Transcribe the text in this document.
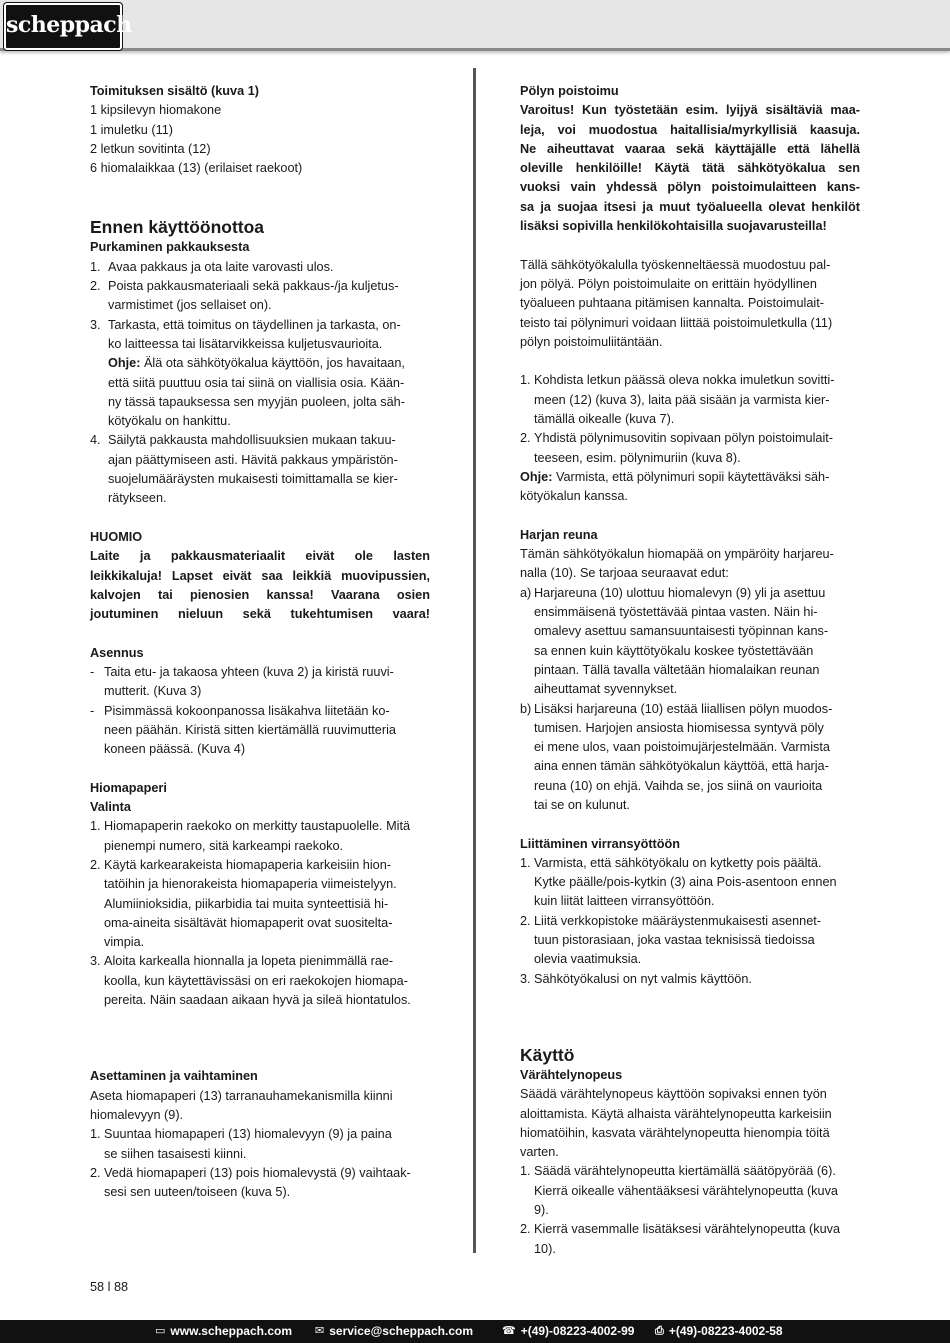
scheppach

Toimituksen sisältö (kuva 1)

1 kipsilevyn hiomakone

1 imuletku (11)

2 letkun sovitinta (12)

6 hiomalaikkaa (13) (erilaiset raekoot)

Ennen käyttöönottoa

Purkaminen pakkauksesta

1. Avaa pakkaus ja ota laite varovasti ulos.
2. Poista pakkausmateriaali sekä pakkaus-/ja kuljetus-
varmistimet (jos sellaiset on).
3. Tarkasta, että toimitus on täydellinen ja tarkasta, on-
ko laitteessa tai lisätarvikkeissa kuljetusvaurioita.
Ohje: Älä ota sähkötyökalua käyttöön, jos havaitaan,
että siitä puuttuu osia tai siinä on viallisia osia. Kään-
ny tässä tapauksessa sen myyjän puoleen, jolta säh-
kötyökalu on hankittu.
4. Säilytä pakkausta mahdollisuuksien mukaan takuu-
ajan päättymiseen asti. Hävitä pakkaus ympäristön-
suojelumääräysten mukaisesti toimittamalla se kier-
rätykseen.

HUOMIO

Laite ja pakkausmateriaalit eivät ole lasten
leikkikaluja! Lapset eivät saa leikkiä muovipussien,
kalvojen tai pienosien kanssa! Vaarana osien
joutuminen nieluun sekä tukehtumisen vaara!

Asennus

- Taita etu- ja takaosa yhteen (kuva 2) ja kiristä ruuvi-
mutterit. (Kuva 3)
- Pisimmässä kokoonpanossa lisäkahva liitetään ko-
neen päähän. Kiristä sitten kiertämällä ruuvimutteria
koneen päässä. (Kuva 4)

Hiomapaperi

Valinta

1. Hiomapaperin raekoko on merkitty taustapuolelle. Mitä
pienempi numero, sitä karkeampi raekoko.
2. Käytä karkearakeista hiomapaperia karkeisiin hion-
tatöihin ja hienorakeista hiomapaperia viimeistelyyn.
Alumiinioksidia, piikarbidia tai muita synteettisiä hi-
oma-aineita sisältävät hiomapaperit ovat suositelta-
vimpia.
3. Aloita karkealla hionnalla ja lopeta pienimmällä rae-
koolla, kun käytettävissäsi on eri raekokojen hiomapa-
pereita. Näin saadaan aikaan hyvä ja sileä hiontatulos.

Asettaminen ja vaihtaminen

Aseta hiomapaperi (13) tarranauhamekanismilla kiinni
hiomalevyyn (9).

1. Suuntaa hiomapaperi (13) hiomalevyyn (9) ja paina
se siihen tasaisesti kiinni.
2. Vedä hiomapaperi (13) pois hiomalevystä (9) vaihtaak-
sesi sen uuteen/toiseen (kuva 5).

Pölyn poistoimu

Varoitus! Kun työstetään esim. lyijyä sisältäviä maa-
leja, voi muodostua haitallisia/myrkyllisiä kaasuja.
Ne aiheuttavat vaaraa sekä käyttäjälle että lähellä
oleville henkilöille! Käytä tätä sähkötyökalua sen
vuoksi vain yhdessä pölyn poistoimulaitteen kans-
sa ja suojaa itsesi ja muut työalueella olevat henkilöt
lisäksi sopivilla henkilökohtaisilla suojavarusteilla!
Tällä sähkötyökalulla työskenneltäessä muodostuu pal-
jon pölyä. Pölyn poistoimulaite on erittäin hyödyllinen
työalueen puhtaana pitämisen kannalta. Poistoimulait-
teisto tai pölynimuri voidaan liittää poistoimuletkulla (11)
pölyn poistoimuliitäntään.
1. Kohdista letkun päässä oleva nokka imuletkun sovitti-
meen (12) (kuva 3), laita pää sisään ja varmista kier-
tämällä oikealle (kuva 7).
2. Yhdistä pölynimusovitin sopivaan pölyn poistoimulait-
teeseen, esim. pölynimuriin (kuva 8).

Ohje: Varmista, että pölynimuri sopii käytettäväksi säh-
kötyökalun kanssa.

Harjan reuna

Tämän sähkötyökalun hiomapää on ympäröity harjareu-
nalla (10). Se tarjoaa seuraavat edut:

a) Harjareuna (10) ulottuu hiomalevyn (9) yli ja asettuu
ensimmäisenä työstettävää pintaa vasten. Näin hi-
omalevy asettuu samansuuntaisesti työpinnan kans-
sa ennen kuin käyttötyökalu koskee työstettävään
pintaan. Tällä tavalla vältetään hiomalaikan reunan
aiheuttamat syvennykset.
b) Lisäksi harjareuna (10) estää liiallisen pölyn muodos-
tumisen. Harjojen ansiosta hiomisessa syntyvä pöly
ei mene ulos, vaan poistoimujärjestelmään. Varmista
aina ennen tämän sähkötyökalun käyttöä, että harja-
reuna (10) on ehjä. Vaihda se, jos siinä on vaurioita
tai se on kulunut.

Liittäminen virransyöttöön

1. Varmista, että sähkötyökalu on kytketty pois päältä.
Kytke päälle/pois-kytkin (3) aina Pois-asentoon ennen
kuin liität laitteen virransyöttöön.
2. Liitä verkkopistoke määräystenmukaisesti asennet-
tuun pistorasiaan, joka vastaa teknisissä tiedoissa
olevia vaatimuksia.
3. Sähkötyökalusi on nyt valmis käyttöön.

Käyttö

Värähtelynopeus

Säädä värähtelynopeus käyttöön sopivaksi ennen työn
aloittamista. Käytä alhaista värähtelynopeutta karkeisiin
hiomatöihin, kasvata värähtelynopeutta hienompia töitä
varten.

1. Säädä värähtelynopeutta kiertämällä säätöpyörää (6).
Kierrä oikealle vähentääksesi värähtelynopeutta (kuva
9).
2. Kierrä vasemmalle lisätäksesi värähtelynopeutta (kuva
10).
58 l 88
▭ www.scheppach.com ✉ service@scheppach.com	☎ +(49)-08223-4002-99 ⎙ +(49)-08223-4002-58
